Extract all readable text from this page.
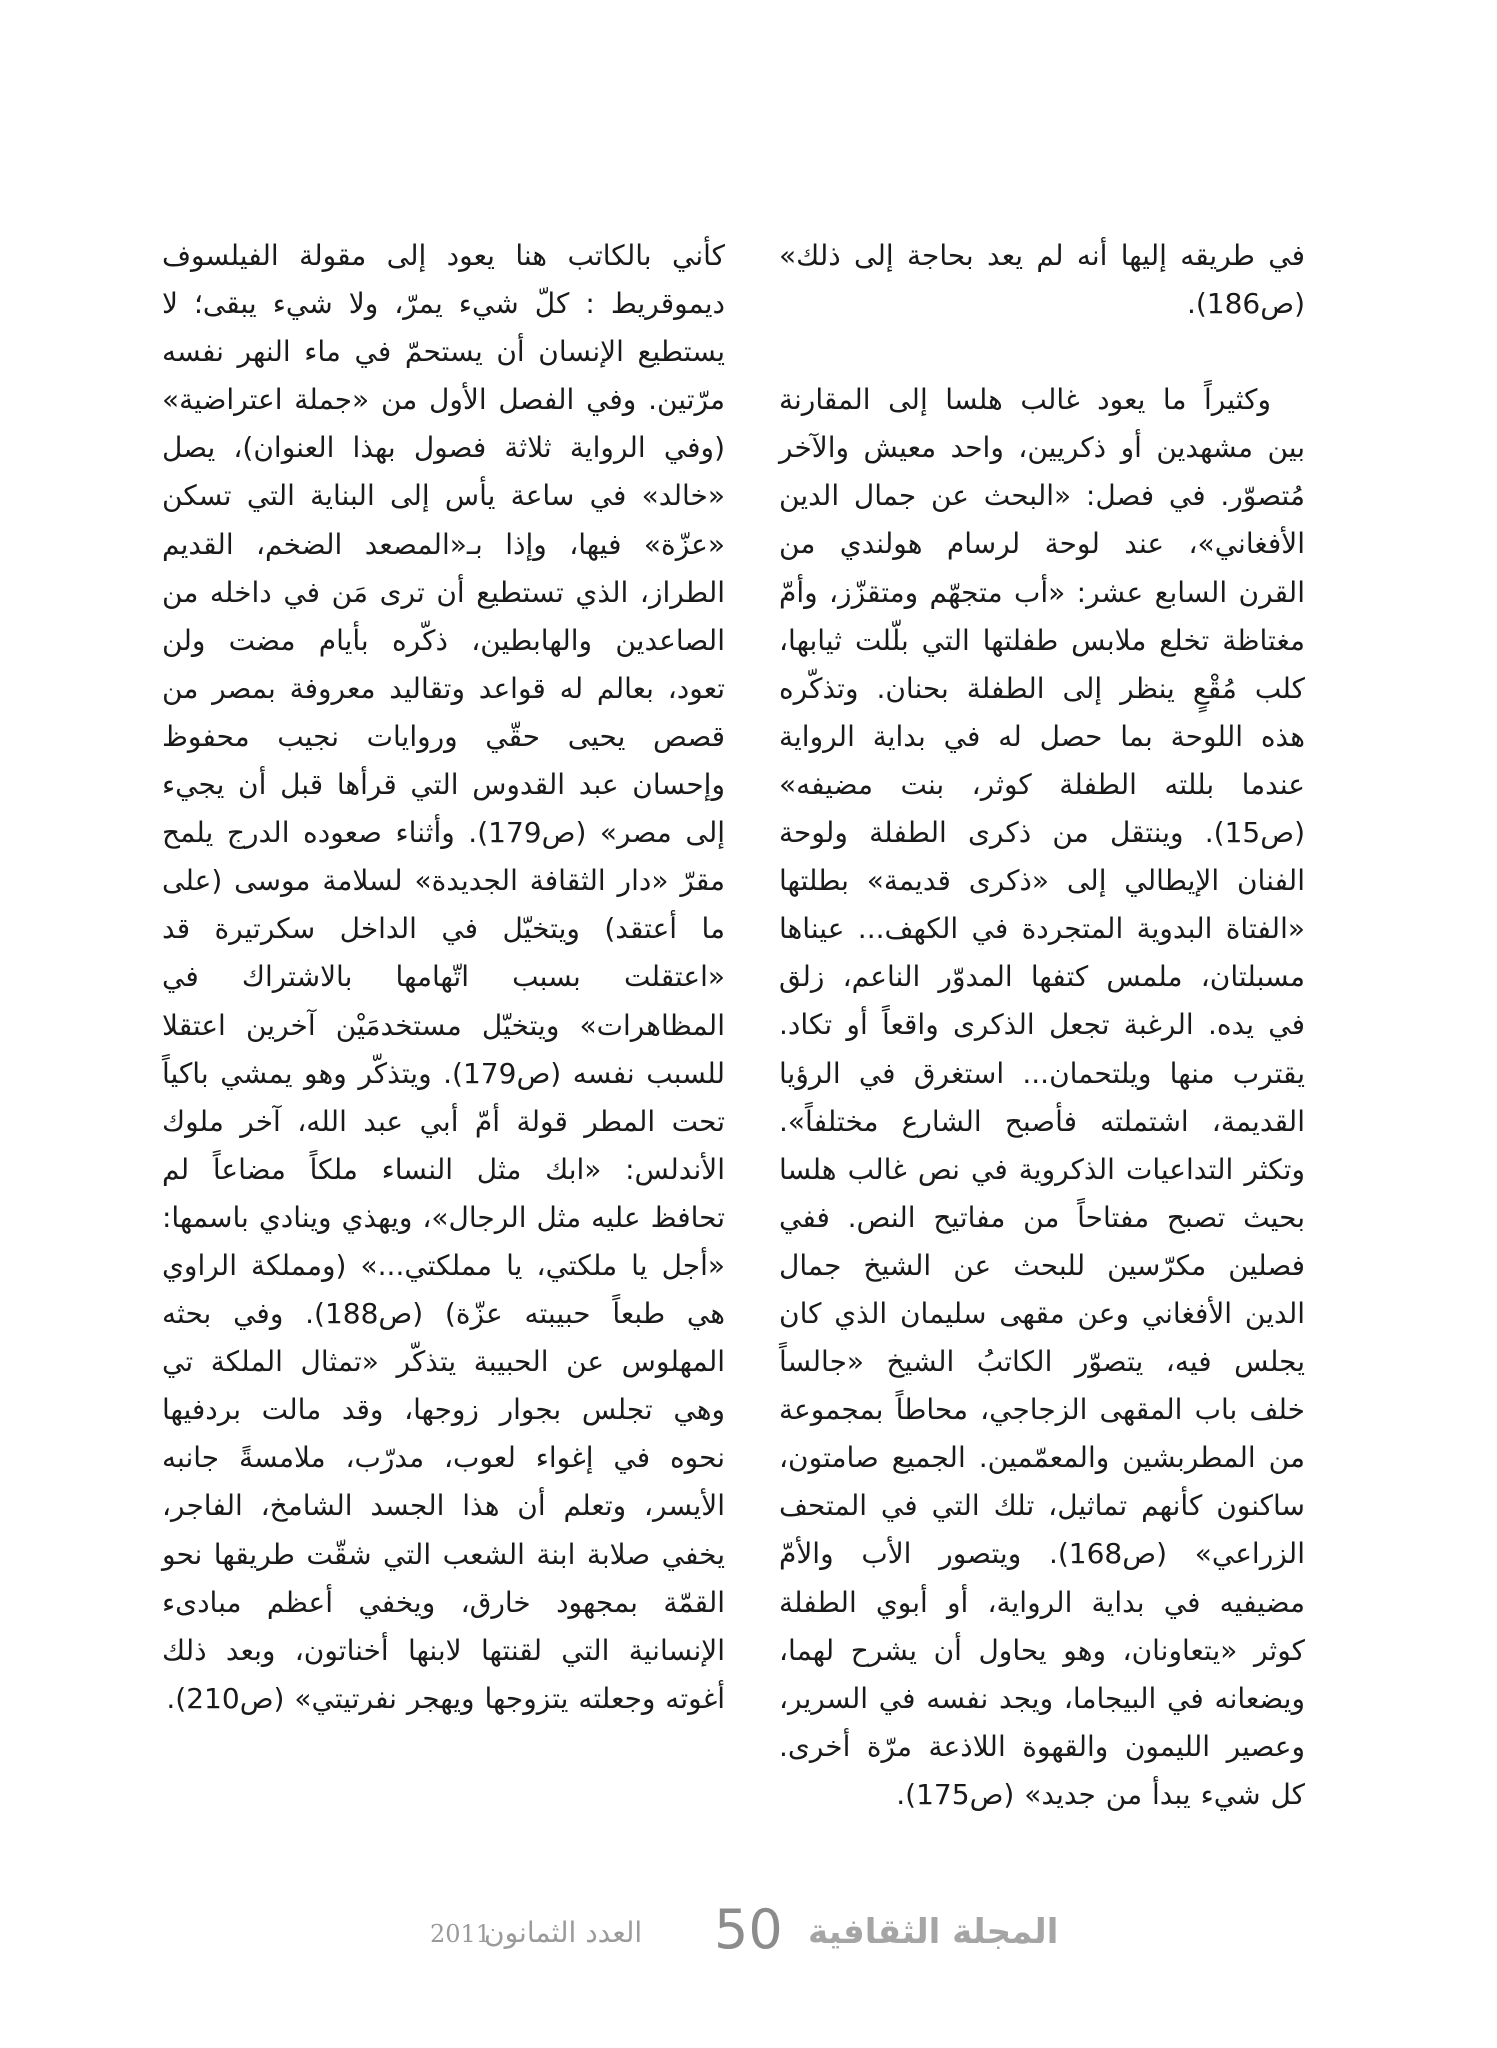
في طريقه إليها أنه لم يعد بحاجة إلى ذلك» (ص186).

وكثيراً ما يعود غالب هلسا إلى المقارنة بين مشهدين أو ذكريين، واحد معيش والآخر مُتصوّر. في فصل: «البحث عن جمال الدين الأفغاني»، عند لوحة لرسام هولندي من القرن السابع عشر: «أب متجهّم ومتقزّز، وأمّ مغتاظة تخلع ملابس طفلتها التي بلّلت ثيابها، كلب مُقْعٍ ينظر إلى الطفلة بحنان. وتذكّره هذه اللوحة بما حصل له في بداية الرواية عندما بللته الطفلة كوثر، بنت مضيفه» (ص15). وينتقل من ذكرى الطفلة ولوحة الفنان الإيطالي إلى «ذكرى قديمة» بطلتها «الفتاة البدوية المتجردة في الكهف... عيناها مسبلتان، ملمس كتفها المدوّر الناعم، زلق في يده. الرغبة تجعل الذكرى واقعاً أو تكاد. يقترب منها ويلتحمان... استغرق في الرؤيا القديمة، اشتملته فأصبح الشارع مختلفاً». وتكثر التداعيات الذكروية في نص غالب هلسا بحيث تصبح مفتاحاً من مفاتيح النص. ففي فصلين مكرّسين للبحث عن الشيخ جمال الدين الأفغاني وعن مقهى سليمان الذي كان يجلس فيه، يتصوّر الكاتبُ الشيخ «جالساً خلف باب المقهى الزجاجي، محاطاً بمجموعة من المطربشين والمعمّمين. الجميع صامتون، ساكنون كأنهم تماثيل، تلك التي في المتحف الزراعي» (ص168). ويتصور الأب والأمّ مضيفيه في بداية الرواية، أو أبوي الطفلة كوثر «يتعاونان، وهو يحاول أن يشرح لهما، ويضعانه في البيجاما، ويجد نفسه في السرير، وعصير الليمون والقهوة اللاذعة مرّة أخرى. كل شيء يبدأ من جديد» (ص175).

كأني بالكاتب هنا يعود إلى مقولة الفيلسوف ديموقريط : كلّ شيء يمرّ، ولا شيء يبقى؛ لا يستطيع الإنسان أن يستحمّ في ماء النهر نفسه مرّتين. وفي الفصل الأول من «جملة اعتراضية» (وفي الرواية ثلاثة فصول بهذا العنوان)، يصل «خالد» في ساعة يأس إلى البناية التي تسكن «عزّة» فيها، وإذا بـ«المصعد الضخم، القديم الطراز، الذي تستطيع أن ترى مَن في داخله من الصاعدين والهابطين، ذكّره بأيام مضت ولن تعود، بعالم له قواعد وتقاليد معروفة بمصر من قصص يحيى حقّي وروايات نجيب محفوظ وإحسان عبد القدوس التي قرأها قبل أن يجيء إلى مصر» (ص179). وأثناء صعوده الدرج يلمح مقرّ «دار الثقافة الجديدة» لسلامة موسى (على ما أعتقد) ويتخيّل في الداخل سكرتيرة قد «اعتقلت بسبب اتّهامها بالاشتراك في المظاهرات» ويتخيّل مستخدمَيْن آخرين اعتقلا للسبب نفسه (ص179). ويتذكّر وهو يمشي باكياً تحت المطر قولة أمّ أبي عبد الله، آخر ملوك الأندلس: «ابك مثل النساء ملكاً مضاعاً لم تحافظ عليه مثل الرجال»، ويهذي وينادي باسمها: «أجل يا ملكتي، يا مملكتي...» (ومملكة الراوي هي طبعاً حبيبته عزّة) (ص188). وفي بحثه المهلوس عن الحبيبة يتذكّر «تمثال الملكة تي وهي تجلس بجوار زوجها، وقد مالت بردفيها نحوه في إغواء لعوب، مدرّب، ملامسةً جانبه الأيسر، وتعلم أن هذا الجسد الشامخ، الفاجر، يخفي صلابة ابنة الشعب التي شقّت طريقها نحو القمّة بمجهود خارق، ويخفي أعظم مبادىء الإنسانية التي لقنتها لابنها أخناتون، وبعد ذلك أغوته وجعلته يتزوجها ويهجر نفرتيتي» (ص210).

2011
العدد الثمانون 50 المجلة الثقافية
